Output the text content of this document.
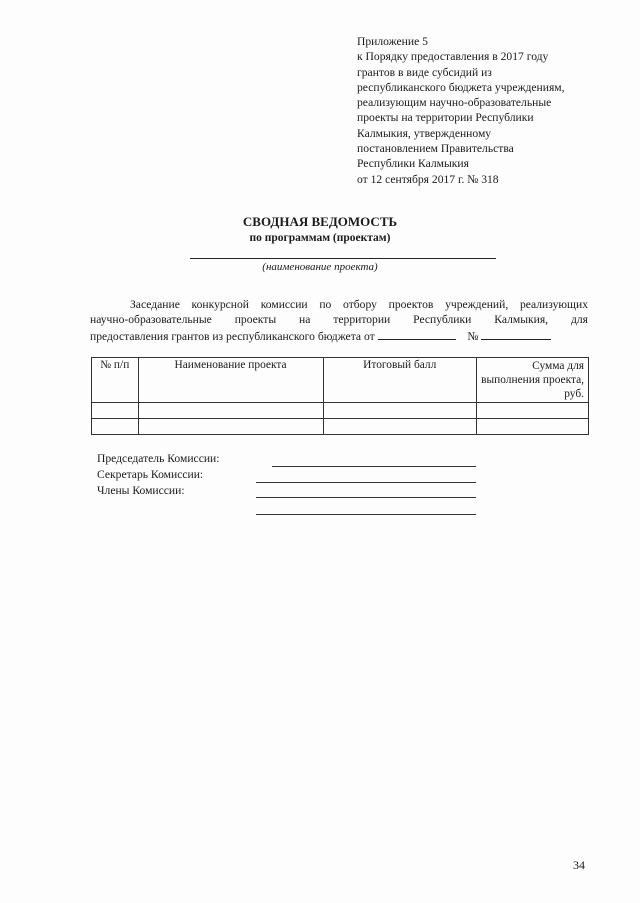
Приложение 5
к Порядку предоставления в 2017 году
грантов в виде субсидий из
республиканского бюджета учреждениям,
реализующим научно-образовательные
проекты на территории Республики
Калмыкия, утвержденному
постановлением Правительства
Республики Калмыкия
от 12 сентября 2017 г. № 318
СВОДНАЯ ВЕДОМОСТЬ
по программам (проектам)
(наименование проекта)
Заседание конкурсной комиссии по отбору проектов учреждений, реализующих
научно-образовательные проекты на территории Республики Калмыкия, для
предоставления грантов из республиканского бюджета от	№
№ п/п	Наименование проекта	Итоговый балл	Сумма для выполнения проекта, руб.

Председатель Комиссии:
Секретарь Комиссии:
Члены Комиссии:
34
